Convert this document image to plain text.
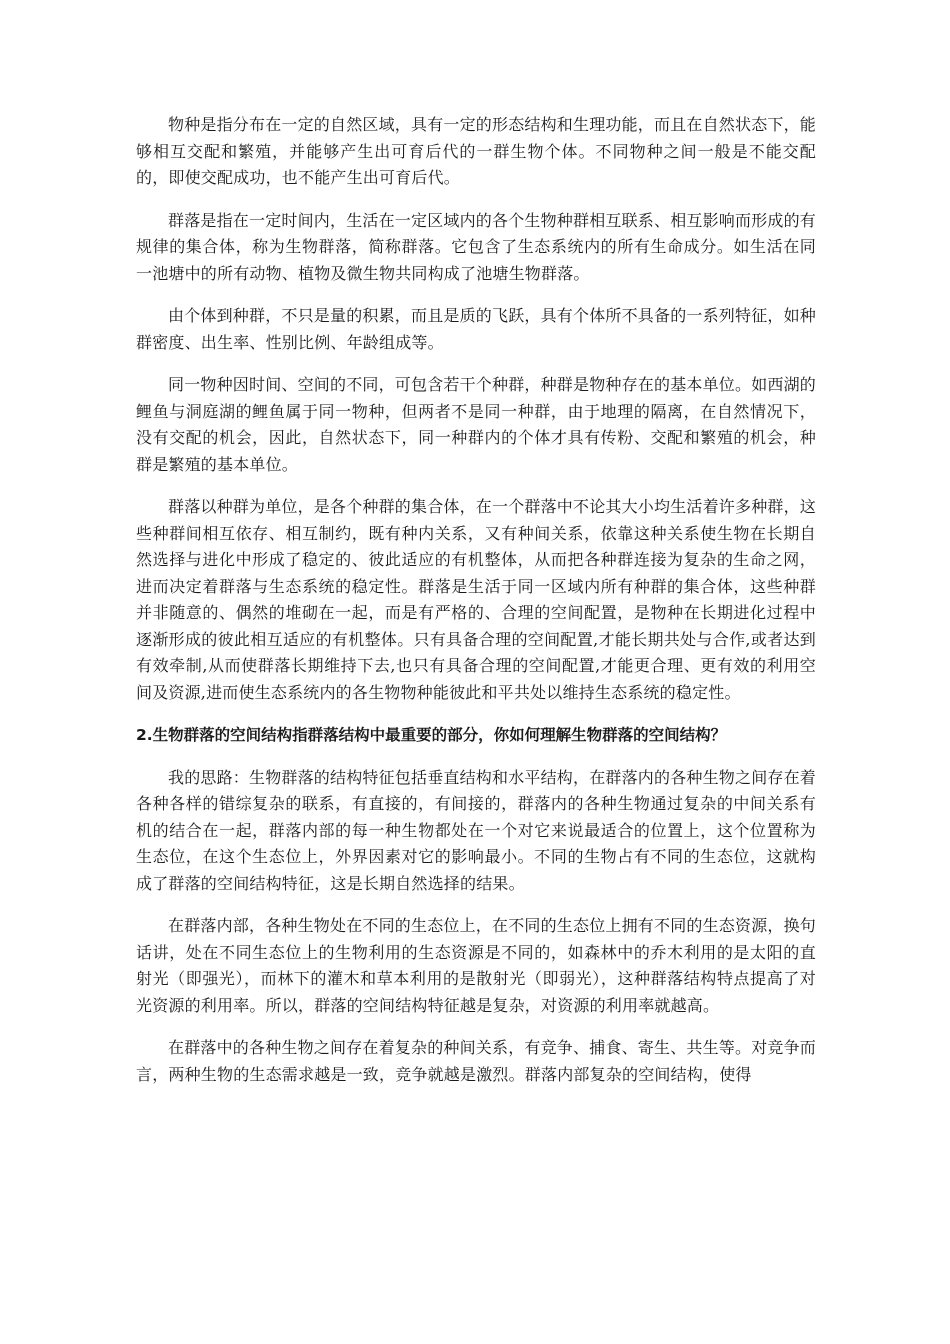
物种是指分布在一定的自然区域，具有一定的形态结构和生理功能，而且在自然状态下，能够相互交配和繁殖，并能够产生出可育后代的一群生物个体。不同物种之间一般是不能交配的，即使交配成功，也不能产生出可育后代。

群落是指在一定时间内，生活在一定区域内的各个生物种群相互联系、相互影响而形成的有规律的集合体，称为生物群落，简称群落。它包含了生态系统内的所有生命成分。如生活在同一池塘中的所有动物、植物及微生物共同构成了池塘生物群落。

由个体到种群，不只是量的积累，而且是质的飞跃，具有个体所不具备的一系列特征，如种群密度、出生率、性别比例、年龄组成等。

同一物种因时间、空间的不同，可包含若干个种群，种群是物种存在的基本单位。如西湖的鲤鱼与洞庭湖的鲤鱼属于同一物种，但两者不是同一种群，由于地理的隔离，在自然情况下，没有交配的机会，因此，自然状态下，同一种群内的个体才具有传粉、交配和繁殖的机会，种群是繁殖的基本单位。

群落以种群为单位，是各个种群的集合体，在一个群落中不论其大小均生活着许多种群，这些种群间相互依存、相互制约，既有种内关系，又有种间关系，依靠这种关系使生物在长期自然选择与进化中形成了稳定的、彼此适应的有机整体，从而把各种群连接为复杂的生命之网，进而决定着群落与生态系统的稳定性。群落是生活于同一区域内所有种群的集合体，这些种群并非随意的、偶然的堆砌在一起，而是有严格的、合理的空间配置，是物种在长期进化过程中逐渐形成的彼此相互适应的有机整体。只有具备合理的空间配置,才能长期共处与合作,或者达到有效牵制,从而使群落长期维持下去,也只有具备合理的空间配置,才能更合理、更有效的利用空间及资源,进而使生态系统内的各生物物种能彼此和平共处以维持生态系统的稳定性。

2.生物群落的空间结构指群落结构中最重要的部分，你如何理解生物群落的空间结构？

我的思路：生物群落的结构特征包括垂直结构和水平结构，在群落内的各种生物之间存在着各种各样的错综复杂的联系，有直接的，有间接的，群落内的各种生物通过复杂的中间关系有机的结合在一起，群落内部的每一种生物都处在一个对它来说最适合的位置上，这个位置称为生态位，在这个生态位上，外界因素对它的影响最小。不同的生物占有不同的生态位，这就构成了群落的空间结构特征，这是长期自然选择的结果。

在群落内部，各种生物处在不同的生态位上，在不同的生态位上拥有不同的生态资源，换句话讲，处在不同生态位上的生物利用的生态资源是不同的，如森林中的乔木利用的是太阳的直射光（即强光），而林下的灌木和草本利用的是散射光（即弱光），这种群落结构特点提高了对光资源的利用率。所以，群落的空间结构特征越是复杂，对资源的利用率就越高。

在群落中的各种生物之间存在着复杂的种间关系，有竞争、捕食、寄生、共生等。对竞争而言，两种生物的生态需求越是一致，竞争就越是激烈。群落内部复杂的空间结构，使得
